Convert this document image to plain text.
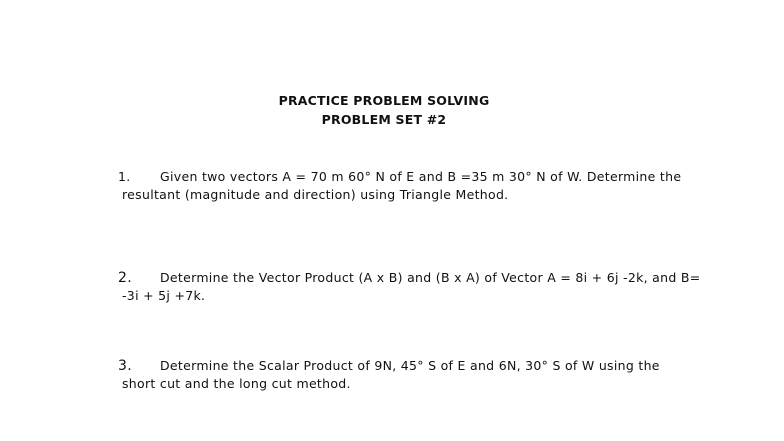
PRACTICE PROBLEM SOLVING
PROBLEM SET #2
1. Given two vectors A = 70 m 60° N of E and B =35 m 30° N of W. Determine the
resultant (magnitude and direction) using Triangle Method.
2. Determine the Vector Product (A x B) and (B x A) of Vector A = 8i + 6j -2k, and B=
-3i + 5j +7k.
3. Determine the Scalar Product of 9N, 45° S of E and 6N, 30° S of W using the
short cut and the long cut method.
